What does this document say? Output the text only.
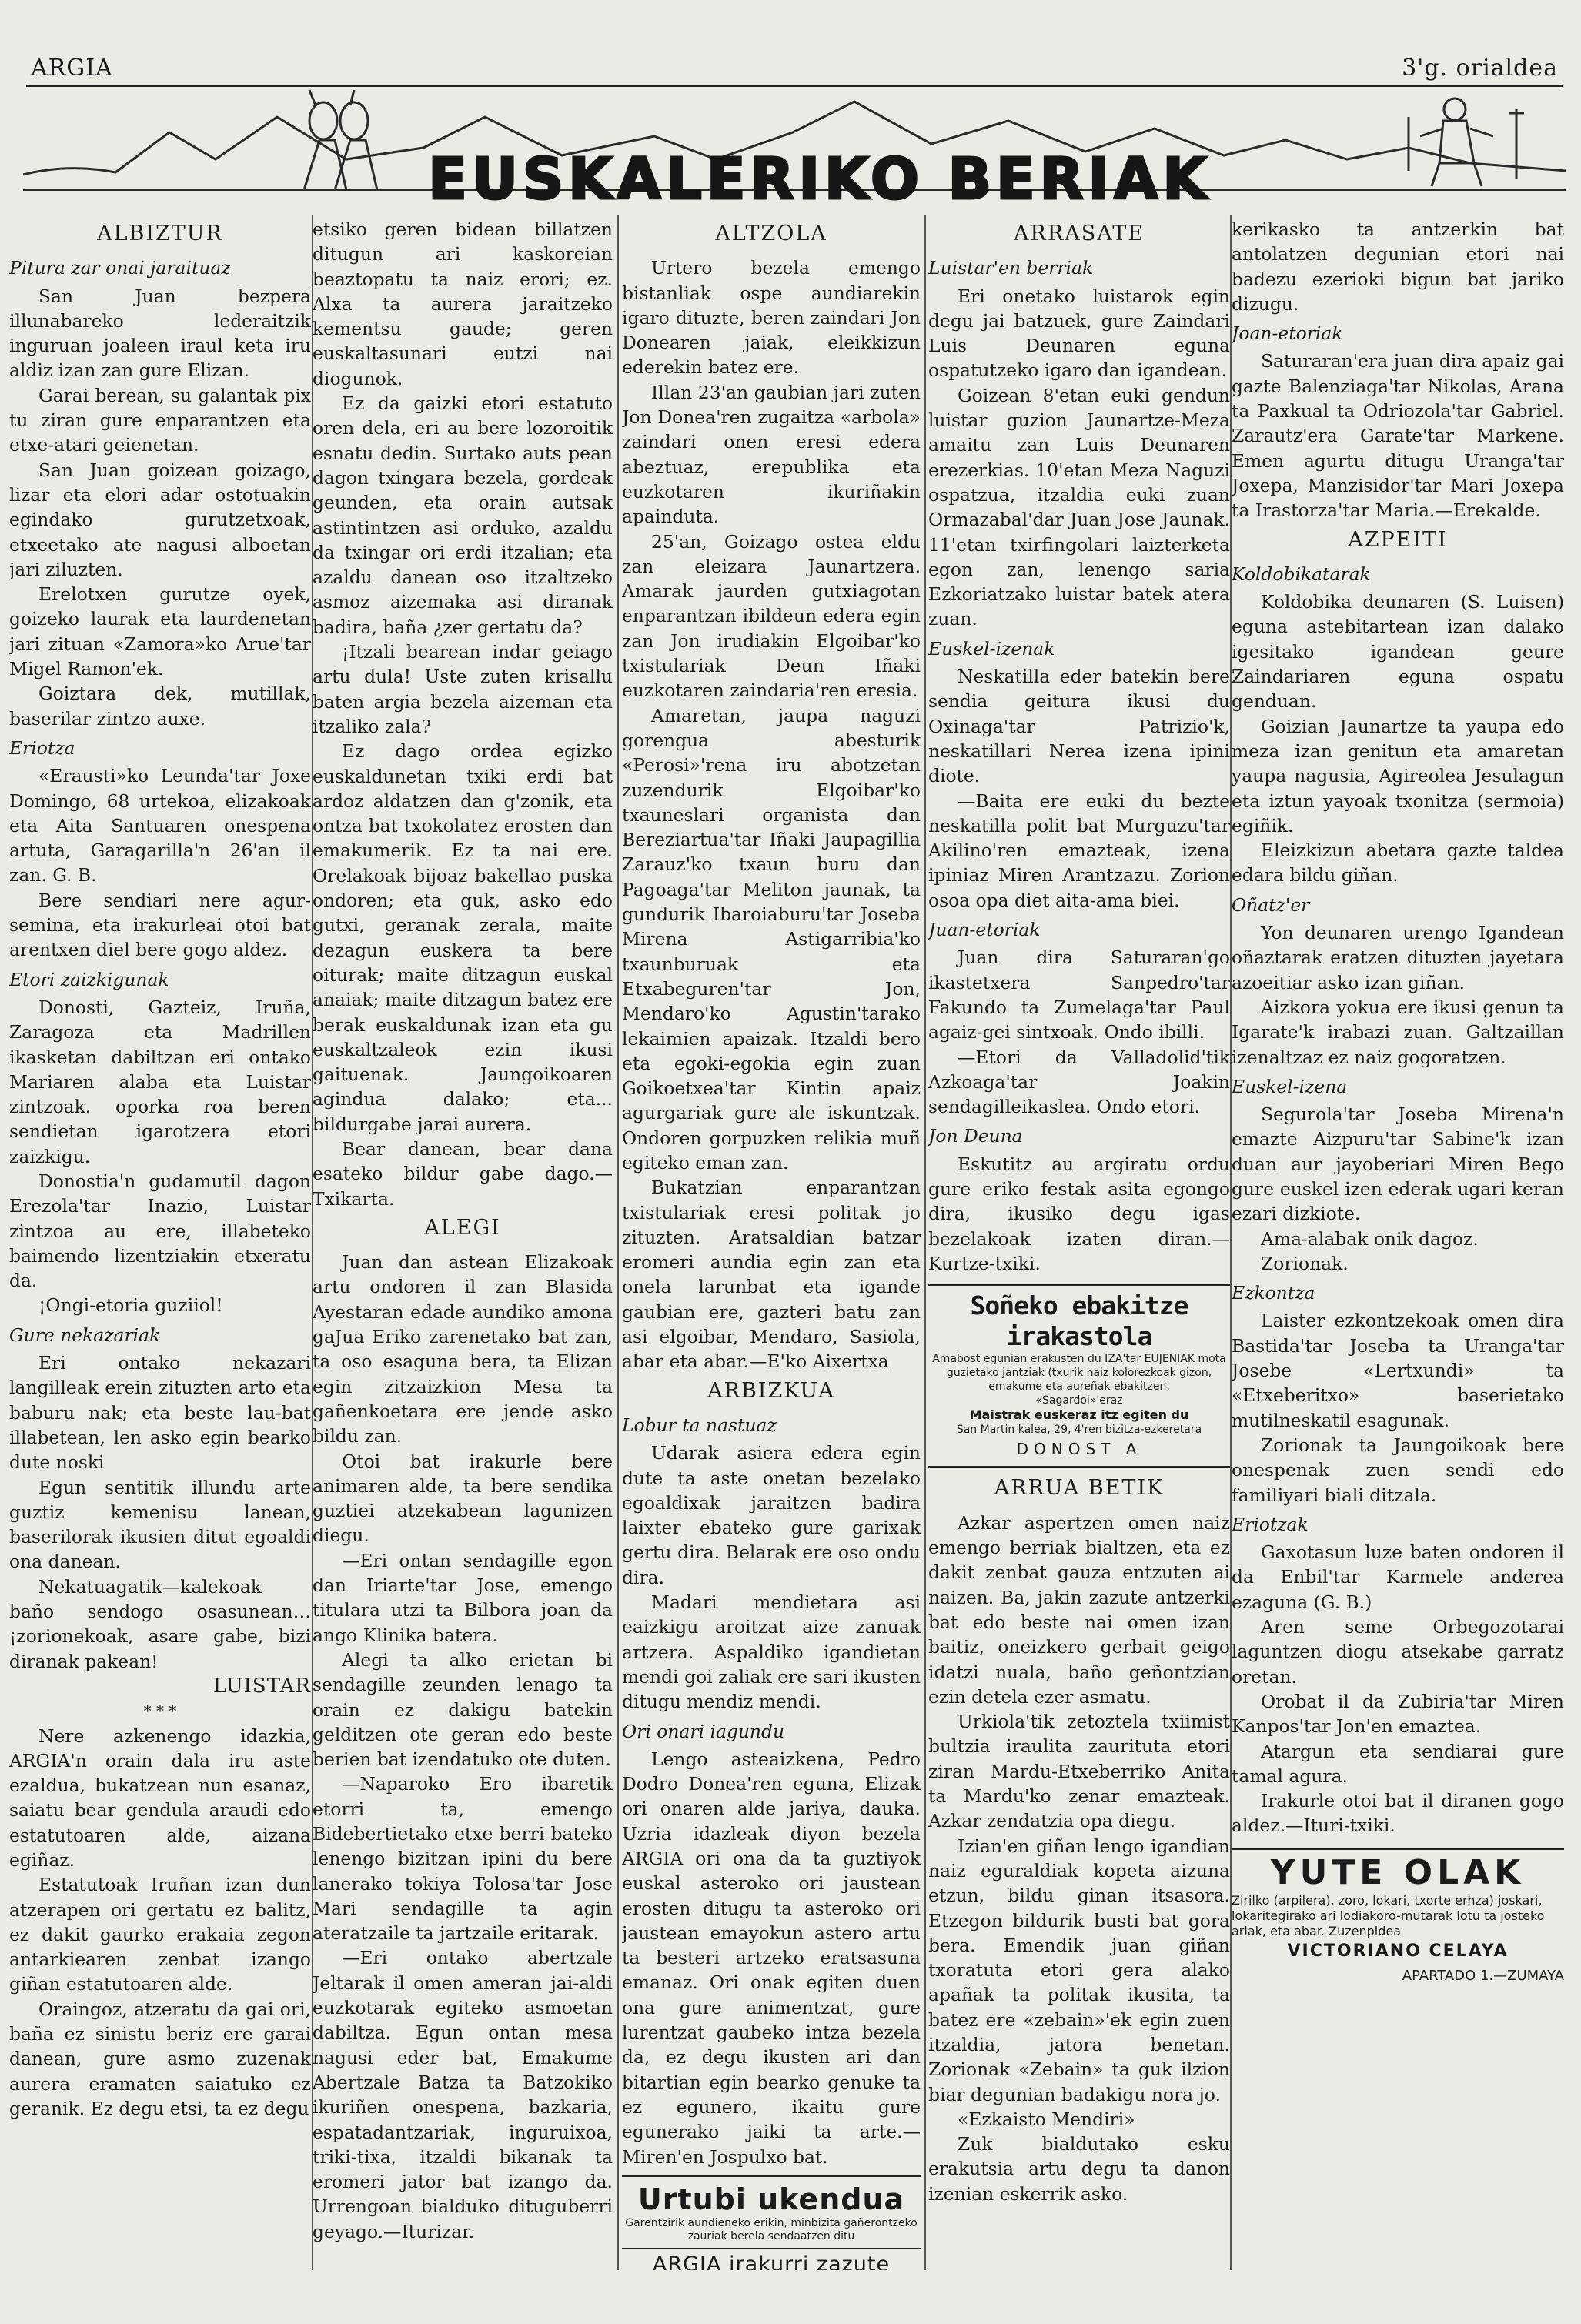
ARGIA	3'g. orialdea
EUSKALERIKO BERIAK
ALBIZTUR
Pitura zar onai jaraituaz

San Juan bezpera illunabareko lederaitzik inguruan joaleen iraul keta iru aldiz izan zan gure Elizan.

Garai berean, su galantak pix tu ziran gure enparantzen eta etxe-atari geienetan.

San Juan goizean goizago, lizar eta elori adar ostotuakin egindako gurutzetxoak, etxeetako ate nagusi alboetan jari ziluzten.

Erelotxen gurutze oyek, goizeko laurak eta laurdenetan jari zituan «Zamora»ko Arue'tar Migel Ramon'ek.

Goiztara dek, mutillak, baserilar zintzo auxe.

Eriotza

«Erausti»ko Leunda'tar Joxe Domingo, 68 urtekoa, elizakoak eta Aita Santuaren onespena artuta, Garagarilla'n 26'an il zan. G. B.

Bere sendiari nere agur-semina, eta irakurleai otoi bat arentxen diel bere gogo aldez.

Etori zaizkigunak

Donosti, Gazteiz, Iruña, Zaragoza eta Madrillen ikasketan dabiltzan eri ontako Mariaren alaba eta Luistar zintzoak. oporka roa beren sendietan igarotzera etori zaizkigu.

Donostia'n gudamutil dagon Erezola'tar Inazio, Luistar zintzoa au ere, illabeteko baimendo lizentziakin etxeratu da.

¡Ongi-etoria guziiol!

Gure nekazariak

Eri ontako nekazari langilleak erein zituzten arto eta baburu nak; eta beste lau-bat illabetean, len asko egin bearko dute noski

Egun sentitik illundu arte guztiz kemenisu lanean, baserilorak ikusien ditut egoaldi ona danean.

Nekatuagatik—kalekoak baño sendogo osasunean… ¡zorionekoak, asare gabe, bizi diranak pakean!

LUISTAR
* * *

Nere azkenengo idazkia, ARGIA'n orain dala iru aste ezaldua, bukatzean nun esanaz, saiatu bear gendula araudi edo estatutoaren alde, aizana egiñaz.

Estatutoak Iruñan izan dun atzerapen ori gertatu ez balitz, ez dakit gaurko erakaia zegon antarkiearen zenbat izango giñan estatutoaren alde.

Oraingoz, atzeratu da gai ori, baña ez sinistu beriz ere garai danean, gure asmo zuzenak aurera eramaten saiatuko ez geranik. Ez degu etsi, ta ez degu

etsiko geren bidean billatzen ditugun ari kaskoreian beaztopatu ta naiz erori; ez. Alxa ta aurera jaraitzeko kementsu gaude; geren euskaltasunari eutzi nai diogunok.

Ez da gaizki etori estatuto oren dela, eri au bere lozoroitik esnatu dedin. Surtako auts pean dagon txingara bezela, gordeak geunden, eta orain autsak astintintzen asi orduko, azaldu da txingar ori erdi itzalian; eta azaldu danean oso itzaltzeko asmoz aizemaka asi diranak badira, baña ¿zer gertatu da?

¡Itzali bearean indar geiago artu dula! Uste zuten krisallu baten argia bezela aizeman eta itzaliko zala?

Ez dago ordea egizko euskaldunetan txiki erdi bat ardoz aldatzen dan g'zonik, eta ontza bat txokolatez erosten dan emakumerik. Ez ta nai ere. Orelakoak bijoaz bakellao puska ondoren; eta guk, asko edo gutxi, geranak zerala, maite dezagun euskera ta bere oiturak; maite ditzagun euskal anaiak; maite ditzagun batez ere berak euskaldunak izan eta gu euskaltzaleok ezin ikusi gaituenak. Jaungoikoaren agindua dalako; eta... bildurgabe jarai aurera.

Bear danean, bear dana esateko bildur gabe dago.— Txikarta.

ALEGI

Juan dan astean Elizakoak artu ondoren il zan Blasida Ayestaran edade aundiko amona gaJua Eriko zarenetako bat zan, ta oso esaguna bera, ta Elizan egin zitzaizkion Mesa ta gañenkoetara ere jende asko bildu zan.

Otoi bat irakurle bere animaren alde, ta bere sendika guztiei atzekabean lagunizen diegu.

—Eri ontan sendagille egon dan Iriarte'tar Jose, emengo titulara utzi ta Bilbora joan da ango Klinika batera.

Alegi ta alko erietan bi sendagille zeunden lenago ta orain ez dakigu batekin gelditzen ote geran edo beste berien bat izendatuko ote duten.

—Naparoko Ero ibaretik etorri ta, emengo Bidebertietako etxe berri bateko lenengo bizitzan ipini du bere lanerako tokiya Tolosa'tar Jose Mari sendagille ta agin ateratzaile ta jartzaile eritarak.

—Eri ontako abertzale Jeltarak il omen ameran jai-aldi euzkotarak egiteko asmoetan dabiltza. Egun ontan mesa nagusi eder bat, Emakume Abertzale Batza ta Batzokiko ikuriñen onespena, bazkaria, espatadantzariak, inguruixoa, triki-tixa, itzaldi bikanak ta eromeri jator bat izango da. Urrengoan bialduko dituguberri geyago.—Iturizar.

ALTZOLA

Urtero bezela emengo bistanliak ospe aundiarekin igaro dituzte, beren zaindari Jon Donearen jaiak, eleikkizun ederekin batez ere.

Illan 23'an gaubian jari zuten Jon Donea'ren zugaitza «arbola» zaindari onen eresi edera abeztuaz, erepublika eta euzkotaren ikuriñakin apainduta.

25'an, Goizago ostea eldu zan eleizara Jaunartzera. Amarak jaurden gutxiagotan enparantzan ibildeun edera egin zan Jon irudiakin Elgoibar'ko txistulariak Deun Iñaki euzkotaren zaindaria'ren eresia.

Amaretan, jaupa naguzi gorengua abesturik «Perosi»'rena iru abotzetan zuzendurik Elgoibar'ko txauneslari organista dan Bereziartua'tar Iñaki Jaupagillia Zarauz'ko txaun buru dan Pagoaga'tar Meliton jaunak, ta gundurik Ibaroiaburu'tar Joseba Mirena Astigarribia'ko txaunburuak eta Etxabeguren'tar Jon, Mendaro'ko Agustin'tarako lekaimien apaizak. Itzaldi bero eta egoki-egokia egin zuan Goikoetxea'tar Kintin apaiz agurgariak gure ale iskuntzak. Ondoren gorpuzken relikia muñ egiteko eman zan.

Bukatzian enparantzan txistulariak eresi politak jo zituzten. Aratsaldian batzar eromeri aundia egin zan eta onela larunbat eta igande gaubian ere, gazteri batu zan asi elgoibar, Mendaro, Sasiola, abar eta abar.—E'ko Aixertxa

ARBIZKUA
Lobur ta nastuaz

Udarak asiera edera egin dute ta aste onetan bezelako egoaldixak jaraitzen badira laixter ebateko gure garixak gertu dira. Belarak ere oso ondu dira.

Madari mendietara asi eaizkigu aroitzat aize zanuak artzera. Aspaldiko igandietan mendi goi zaliak ere sari ikusten ditugu mendiz mendi.

Ori onari iagundu

Lengo asteaizkena, Pedro Dodro Donea'ren eguna, Elizak ori onaren alde jariya, dauka. Uzria idazleak diyon bezela ARGIA ori ona da ta guztiyok euskal asteroko ori jaustean erosten ditugu ta asteroko ori jaustean emayokun astero artu ta besteri artzeko eratsasuna emanaz. Ori onak egiten duen ona gure animentzat, gure lurentzat gaubeko intza bezela da, ez degu ikusten ari dan bitartian egin bearko genuke ta ez egunero, ikaitu gure egunerako jaiki ta arte.— Miren'en Jospulxo bat.

Urtubi ukendua
Garentzirik aundieneko erikin, minbizita gañerontzeko zauriak berela sendaatzen ditu
ARGIA irakurri zazute
ARRASATE
Luistar'en berriak

Eri onetako luistarok egin degu jai batzuek, gure Zaindari Luis Deunaren eguna ospatutzeko igaro dan igandean.

Goizean 8'etan euki gendun luistar guzion Jaunartze-Meza amaitu zan Luis Deunaren erezerkias. 10'etan Meza Naguzi ospatzua, itzaldia euki zuan Ormazabal'dar Juan Jose Jaunak. 11'etan txirfingolari laizterketa egon zan, lenengo saria Ezkoriatzako luistar batek atera zuan.

Euskel-izenak

Neskatilla eder batekin bere sendia geitura ikusi du Oxinaga'tar Patrizio'k, neskatillari Nerea izena ipini diote.

—Baita ere euki du bezte neskatilla polit bat Murguzu'tar Akilino'ren emazteak, izena ipiniaz Miren Arantzazu. Zorion osoa opa diet aita-ama biei.

Juan-etoriak

Juan dira Saturaran'go ikastetxera Sanpedro'tar Fakundo ta Zumelaga'tar Paul agaiz-gei sintxoak. Ondo ibilli.

—Etori da Valladolid'tik Azkoaga'tar Joakin sendagilleikaslea. Ondo etori.

Jon Deuna

Eskutitz au argiratu ordu gure eriko festak asita egongo dira, ikusiko degu igas bezelakoak izaten diran.—Kurtze-txiki.

Soñeko ebakitze irakastola
Amabost egunian erakusten du IZA'tar EUJENIAK mota guzietako jantziak (txurik naiz kolorezkoak gizon, emakume eta aureñak ebakitzen,
«Sagardoi»'eraz
Maistrak euskeraz itz egiten du
San Martin kalea, 29, 4'ren bizitza-ezkeretara
DONOST A
ARRUA BETIK

Azkar aspertzen omen naiz emengo berriak bialtzen, eta ez dakit zenbat gauza entzuten ai naizen. Ba, jakin zazute antzerki bat edo beste nai omen izan baitiz, oneizkero gerbait geigo idatzi nuala, baño geñontzian ezin detela ezer asmatu.

Urkiola'tik zetoztela txiimist bultzia iraulita zaurituta etori ziran Mardu-Etxeberriko Anita ta Mardu'ko zenar emazteak. Azkar zendatzia opa diegu.

Izian'en giñan lengo igandian naiz eguraldiak kopeta aizuna etzun, bildu ginan itsasora. Etzegon bildurik busti bat gora bera. Emendik juan giñan txoratuta etori gera alako apañak ta politak ikusita, ta batez ere «zebain»'ek egin zuen itzaldia, jatora benetan. Zorionak «Zebain» ta guk ilzion biar degunian badakigu nora jo.

«Ezkaisto Mendiri»

Zuk bialdutako esku erakutsia artu degu ta danon izenian eskerrik asko.

kerikasko ta antzerkin bat antolatzen degunian etori nai badezu ezerioki bigun bat jariko dizugu.

Joan-etoriak

Saturaran'era juan dira apaiz gai gazte Balenziaga'tar Nikolas, Arana ta Paxkual ta Odriozola'tar Gabriel. Zarautz'era Garate'tar Markene. Emen agurtu ditugu Uranga'tar Joxepa, Manzisidor'tar Mari Joxepa ta Irastorza'tar Maria.—Erekalde.

AZPEITI
Koldobikatarak

Koldobika deunaren (S. Luisen) eguna astebitartean izan dalako igesitako igandean geure Zaindariaren eguna ospatu genduan.

Goizian Jaunartze ta yaupa edo meza izan genitun eta amaretan yaupa nagusia, Agireolea Jesulagun eta iztun yayoak txonitza (sermoia) egiñik.

Eleizkizun abetara gazte taldea edara bildu giñan.

Oñatz'er

Yon deunaren urengo Igandean oñaztarak eratzen dituzten jayetara azoeitiar asko izan giñan.

Aizkora yokua ere ikusi genun ta Igarate'k irabazi zuan. Galtzaillan izenaltzaz ez naiz gogoratzen.

Euskel-izena

Segurola'tar Joseba Mirena'n emazte Aizpuru'tar Sabine'k izan duan aur jayoberiari Miren Bego gure euskel izen ederak ugari keran ezari dizkiote.

Ama-alabak onik dagoz.

Zorionak.

Ezkontza

Laister ezkontzekoak omen dira Bastida'tar Joseba ta Uranga'tar Josebe «Lertxundi» ta «Etxeberitxo» baserietako mutilneskatil esagunak.

Zorionak ta Jaungoikoak bere onespenak zuen sendi edo familiyari biali ditzala.

Eriotzak

Gaxotasun luze baten ondoren il da Enbil'tar Karmele anderea ezaguna (G. B.)

Aren seme Orbegozotarai laguntzen diogu atsekabe garratz oretan.

Orobat il da Zubiria'tar Miren Kanpos'tar Jon'en emaztea.

Atargun eta sendiarai gure tamal agura.

Irakurle otoi bat il diranen gogo aldez.—Ituri-txiki.

YUTE OLAK
Zirilko (arpilera), zoro, lokari, txorte erhza) joskari, lokaritegirako ari lodiakoro-mutarak lotu ta josteko ariak, eta abar. Zuzenpidea
VICTORIANO CELAYA
APARTADO 1.—ZUMAYA
